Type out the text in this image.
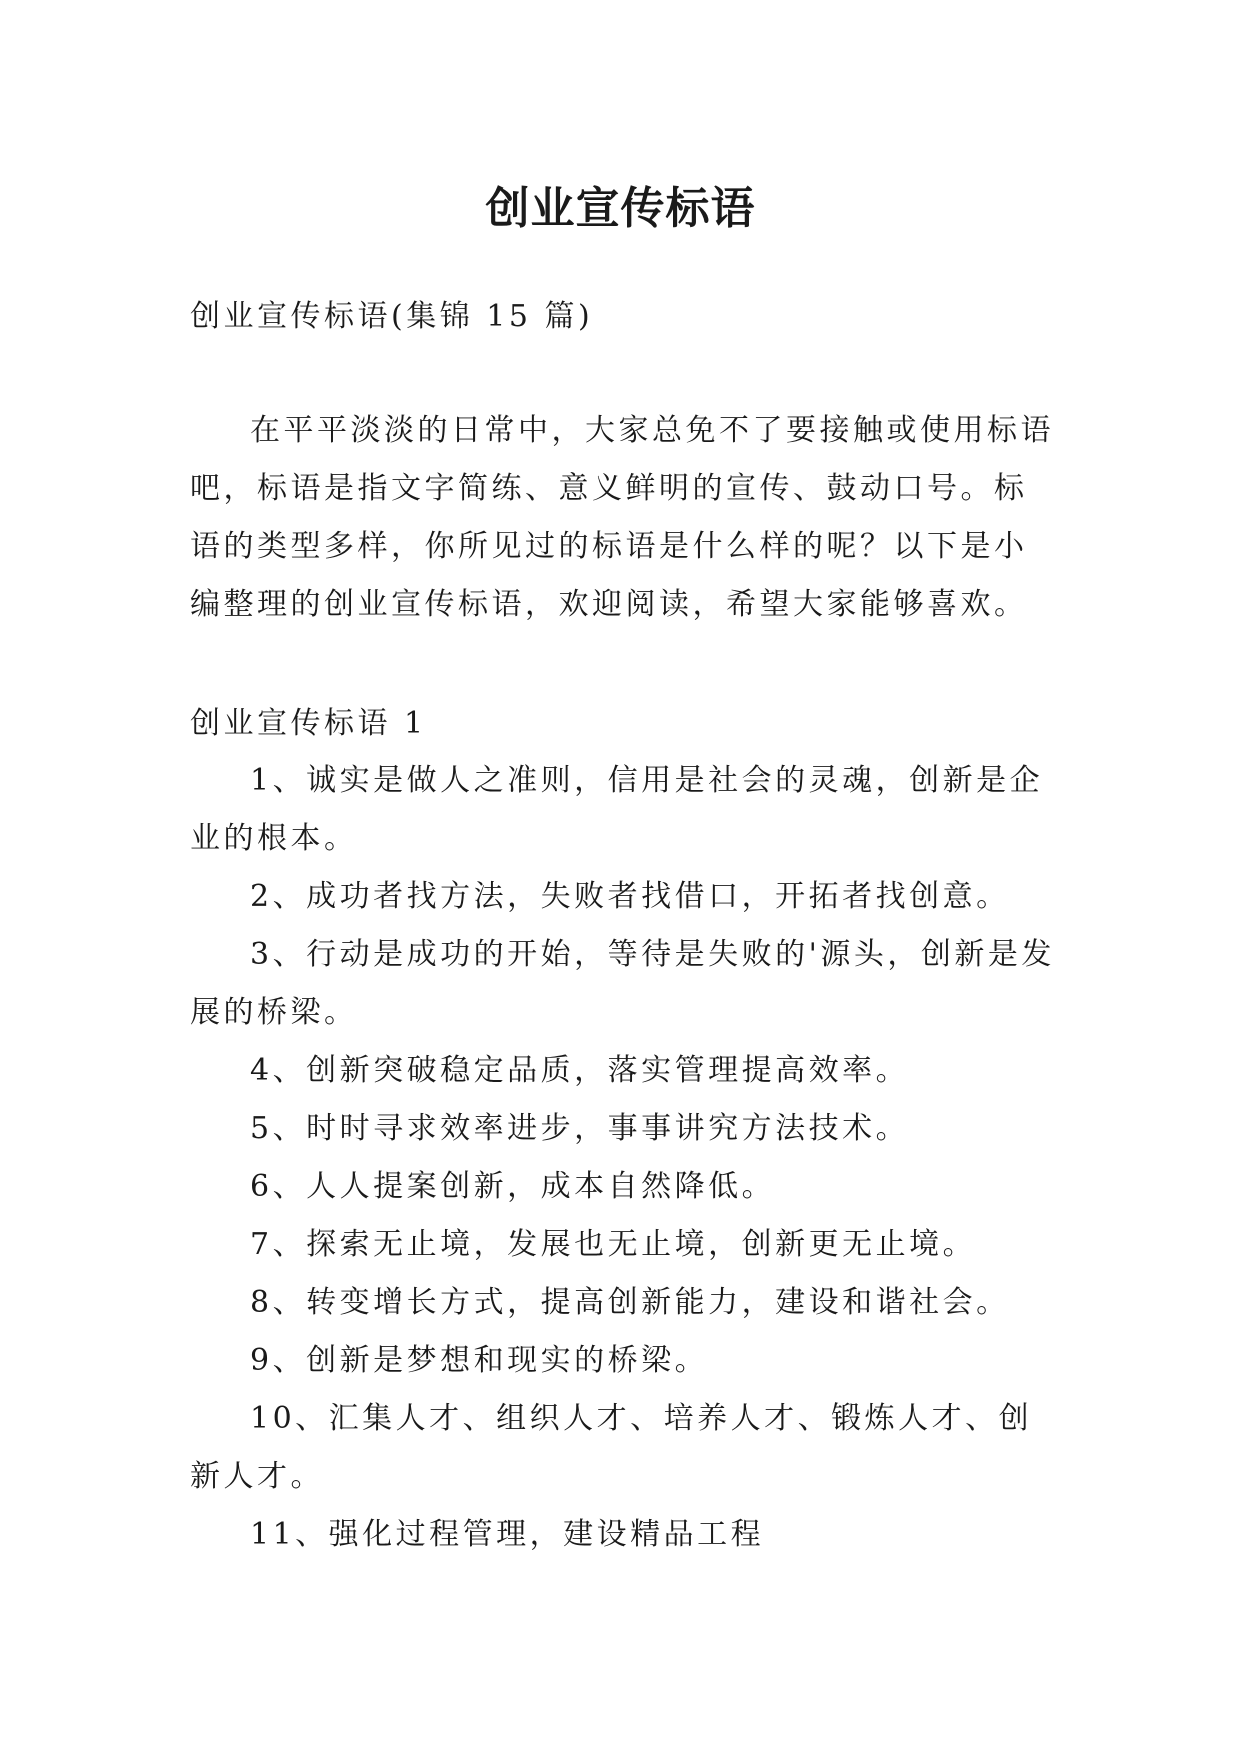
创业宣传标语

创业宣传标语(集锦 15 篇)

在平平淡淡的日常中，大家总免不了要接触或使用标语吧，标语是指文字简练、意义鲜明的宣传、鼓动口号。标语的类型多样，你所见过的标语是什么样的呢？以下是小编整理的创业宣传标语，欢迎阅读，希望大家能够喜欢。

创业宣传标语 1

1、诚实是做人之准则，信用是社会的灵魂，创新是企业的根本。
2、成功者找方法，失败者找借口，开拓者找创意。
3、行动是成功的开始，等待是失败的'源头，创新是发展的桥梁。
4、创新突破稳定品质，落实管理提高效率。
5、时时寻求效率进步，事事讲究方法技术。
6、人人提案创新，成本自然降低。
7、探索无止境，发展也无止境，创新更无止境。
8、转变增长方式，提高创新能力，建设和谐社会。
9、创新是梦想和现实的桥梁。
10、汇集人才、组织人才、培养人才、锻炼人才、创新人才。
11、强化过程管理，建设精品工程
